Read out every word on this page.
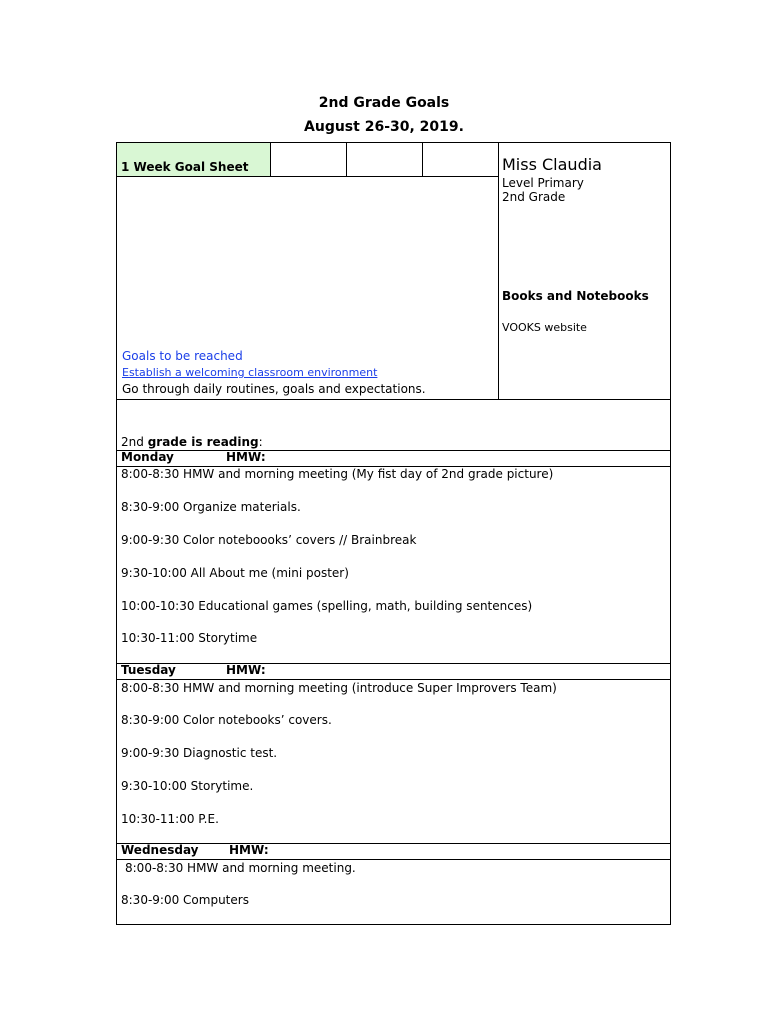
2nd Grade Goals
August 26-30, 2019.
1 Week Goal Sheet	Miss Claudia
Level Primary
2nd Grade
Books and Notebooks
VOOKS website
Goals to be reached
Establish a welcoming classroom environment
Go through daily routines, goals and expectations.
2nd grade is reading:
Monday	HMW:
8:00-8:30 HMW and morning meeting (My fist day of 2nd grade picture)
8:30-9:00 Organize materials.
9:00-9:30 Color noteboooks’ covers // Brainbreak
9:30-10:00 All About me (mini poster)
10:00-10:30 Educational games (spelling, math, building sentences)
10:30-11:00 Storytime
Tuesday	HMW:
8:00-8:30 HMW and morning meeting (introduce Super Improvers Team)
8:30-9:00 Color notebooks’ covers.
9:00-9:30 Diagnostic test.
9:30-10:00 Storytime.
10:30-11:00 P.E.
Wednesday	HMW:
8:00-8:30 HMW and morning meeting.
8:30-9:00 Computers
